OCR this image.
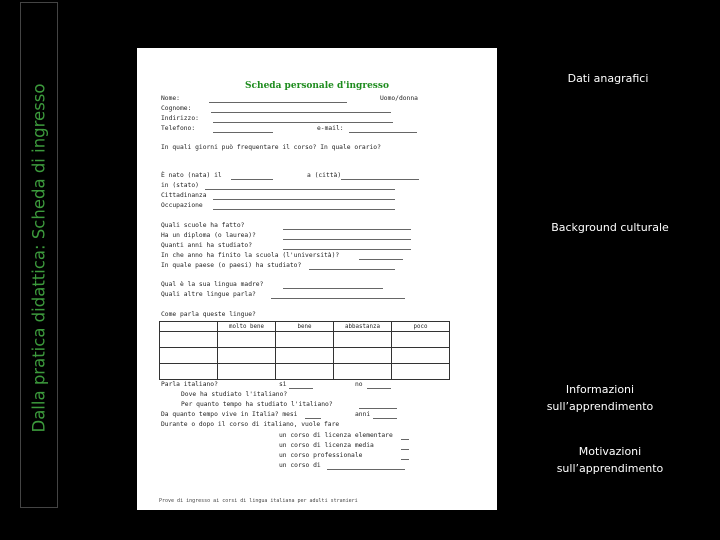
Dalla pratica didattica: Scheda di ingresso	Scheda personale d'ingresso
Nome:	Uomo/donna
Cognome:
Indirizzo:
Telefono:	e-mail:
In quali giorni può frequentare il corso? In quale orario?
È nato (nata) il	a (città)
in (stato)
Cittadinanza
Occupazione
Quali scuole ha fatto?
Ha un diploma (o laurea)?
Quanti anni ha studiato?
In che anno ha finito la scuola (l'università)?
In quale paese (o paesi) ha studiato?
Qual è la sua lingua madre?
Quali altre lingue parla?
Come parla queste lingue?
	molto bene	bene	abbastanza	poco

Parla italiano?	sì	no
Dove ha studiato l'italiano?
Per quanto tempo ha studiato l'italiano?
Da quanto tempo vive in Italia? mesi	anni
Durante o dopo il corso di italiano, vuole fare
un corso di licenza elementare
un corso di licenza media
un corso professionale
un corso di
Prove di ingresso ai corsi di lingua italiana per adulti stranieri
Dati anagrafici
Background culturale
Informazioni sull’apprendimento
Motivazioni sull’apprendimento
